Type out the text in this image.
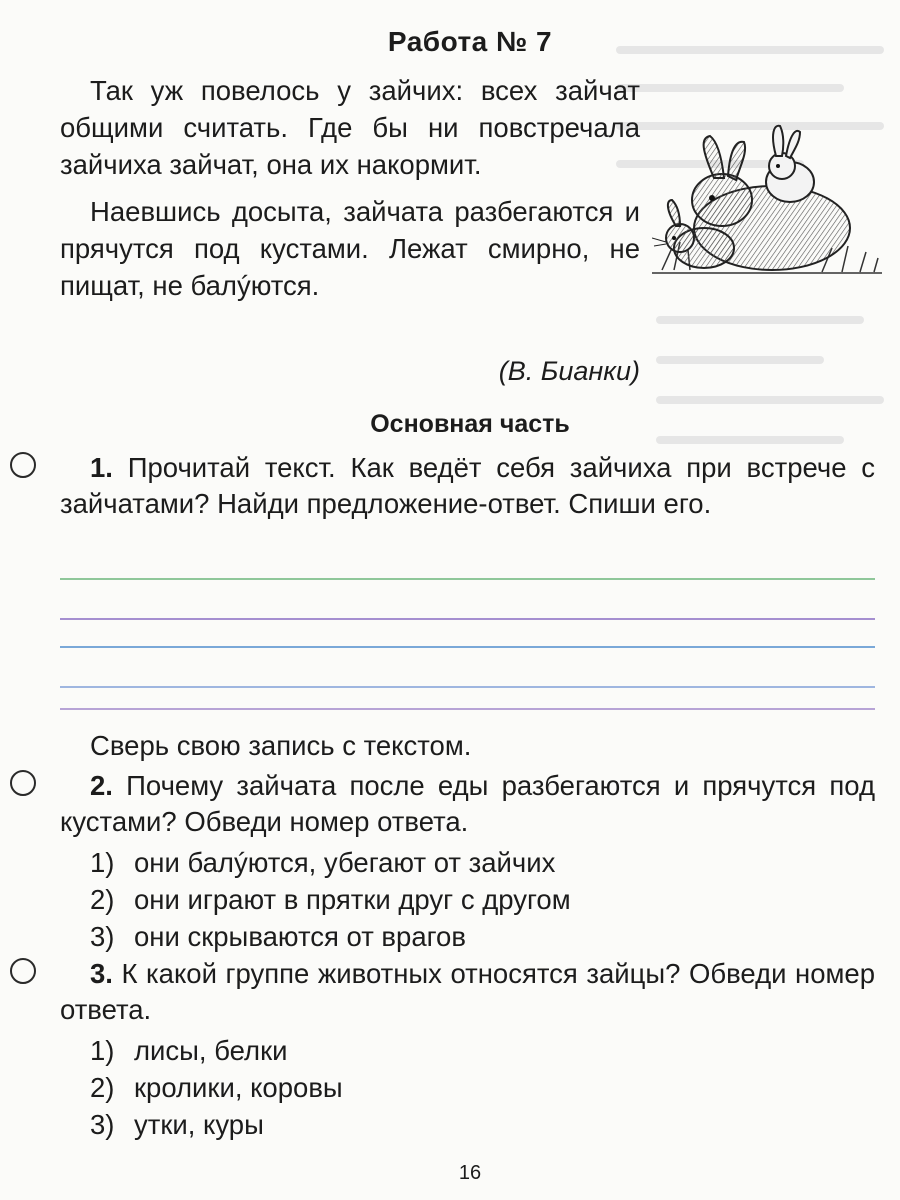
Работа № 7

Так уж повелось у зайчих: всех зайчат общими считать. Где бы ни повстречала зайчиха зайчат, она их накормит.

Наевшись досыта, зайчата разбегаются и прячутся под кустами. Лежат смирно, не пищат, не балýются.

(В. Бианки)
Основная часть
1. Прочитай текст. Как ведёт себя зайчиха при встрече с зайчатами? Найди предложение-ответ. Спиши его.
Сверь свою запись с текстом.
2. Почему зайчата после еды разбегаются и прячутся под кустами? Обведи номер ответа.
1) они балýются, убегают от зайчих
2) они играют в прятки друг с другом
3) они скрываются от врагов
3. К какой группе животных относятся зайцы? Обведи номер ответа.
1) лисы, белки
2) кролики, коровы
3) утки, куры
16
